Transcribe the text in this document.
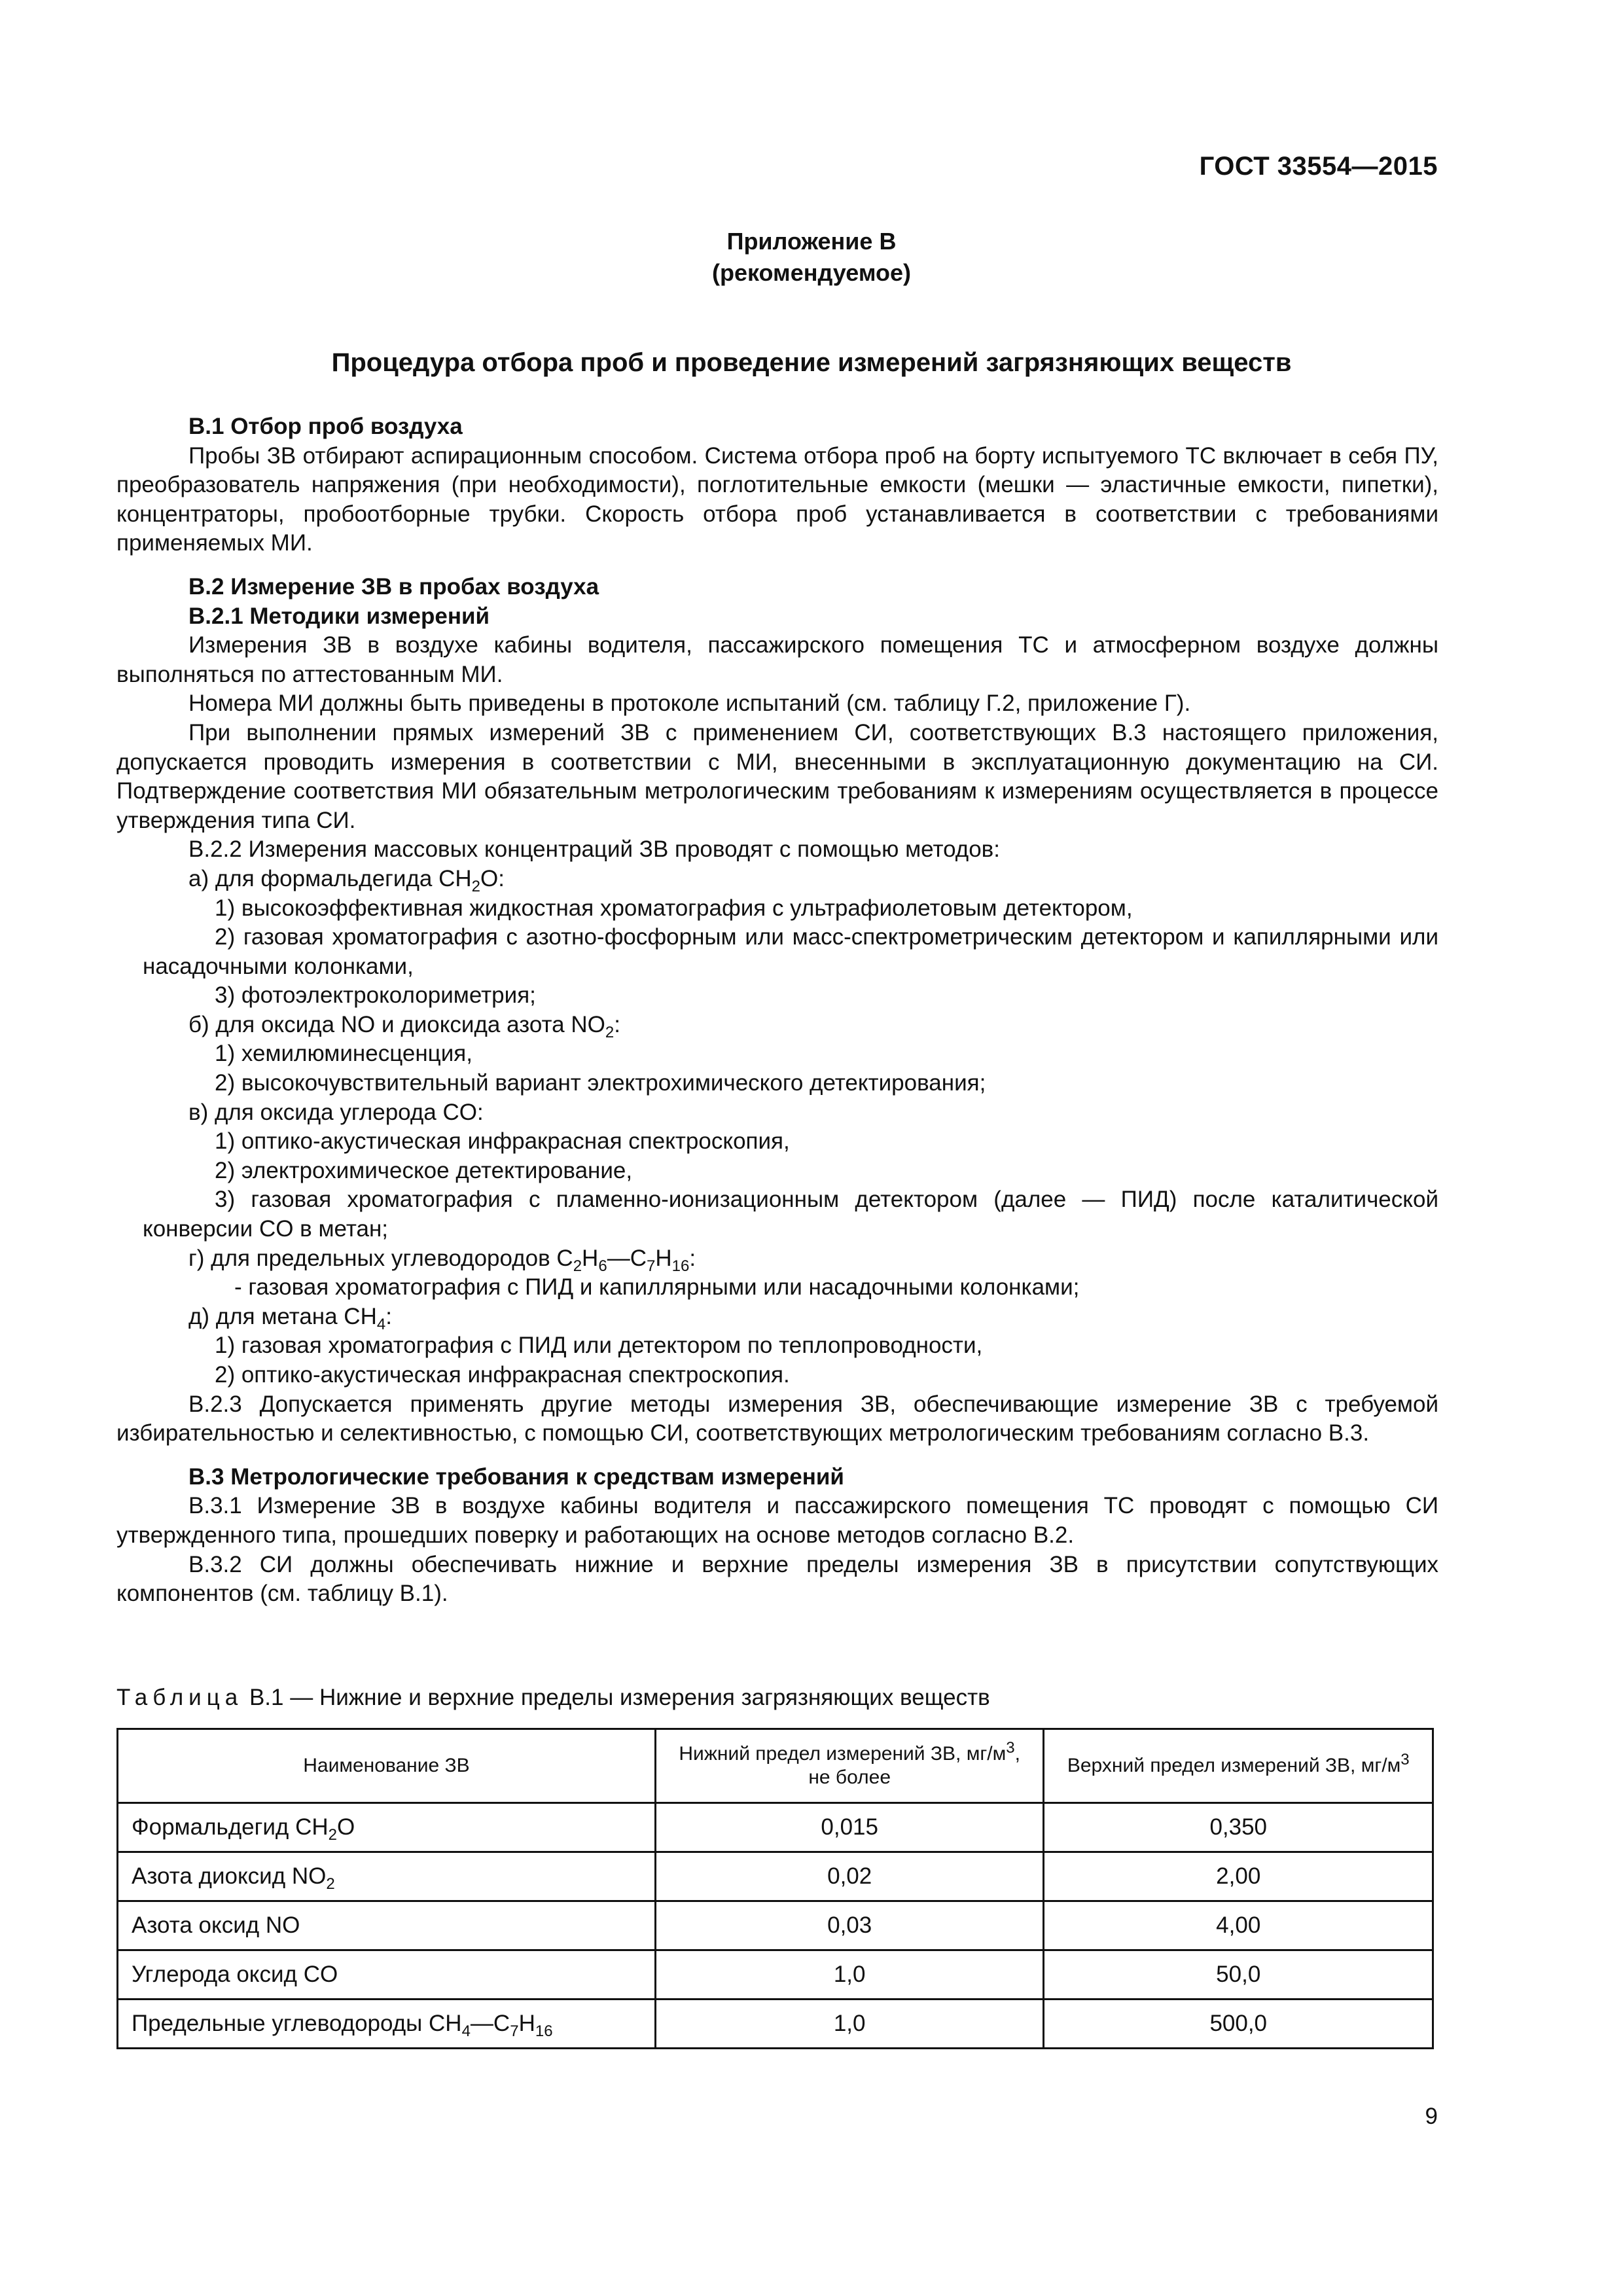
ГОСТ 33554—2015
Приложение В
(рекомендуемое)
Процедура отбора проб и проведение измерений загрязняющих веществ

В.1 Отбор проб воздуха

Пробы ЗВ отбирают аспирационным способом. Система отбора проб на борту испытуемого ТС включает в себя ПУ, преобразователь напряжения (при необходимости), поглотительные емкости (мешки — эластичные емкости, пипетки), концентраторы, пробоотборные трубки. Скорость отбора проб устанавливается в соответствии с требованиями применяемых МИ.

В.2 Измерение ЗВ в пробах воздуха

В.2.1 Методики измерений

Измерения ЗВ в воздухе кабины водителя, пассажирского помещения ТС и атмосферном воздухе должны выполняться по аттестованным МИ.

Номера МИ должны быть приведены в протоколе испытаний (см. таблицу Г.2, приложение Г).

При выполнении прямых измерений ЗВ с применением СИ, соответствующих В.3 настоящего приложения, допускается проводить измерения в соответствии с МИ, внесенными в эксплуатационную документацию на СИ. Подтверждение соответствия МИ обязательным метрологическим требованиям к измерениям осуществляется в процессе утверждения типа СИ.

В.2.2 Измерения массовых концентраций ЗВ проводят с помощью методов:

а) для формальдегида $CH_2O$:

1) высокоэффективная жидкостная хроматография с ультрафиолетовым детектором,

2) газовая хроматография с азотно-фосфорным или масс-спектрометрическим детектором и капиллярными или насадочными колонками,

3) фотоэлектроколориметрия;

б) для оксида NO и диоксида азота $NO_2$:

1) хемилюминесценция,

2) высокочувствительный вариант электрохимического детектирования;

в) для оксида углерода CO:

1) оптико-акустическая инфракрасная спектроскопия,

2) электрохимическое детектирование,

3) газовая хроматография с пламенно-ионизационным детектором (далее — ПИД) после каталитической конверсии CO в метан;

г) для предельных углеводородов $C_2H_6—C_7H_{16}$:

- газовая хроматография с ПИД и капиллярными или насадочными колонками;

д) для метана $CH_4$:

1) газовая хроматография с ПИД или детектором по теплопроводности,

2) оптико-акустическая инфракрасная спектроскопия.

В.2.3 Допускается применять другие методы измерения ЗВ, обеспечивающие измерение ЗВ с требуемой избирательностью и селективностью, с помощью СИ, соответствующих метрологическим требованиям согласно В.3.

В.3 Метрологические требования к средствам измерений

В.3.1 Измерение ЗВ в воздухе кабины водителя и пассажирского помещения ТС проводят с помощью СИ утвержденного типа, прошедших поверку и работающих на основе методов согласно В.2.

В.3.2 СИ должны обеспечивать нижние и верхние пределы измерения ЗВ в присутствии сопутствующих компонентов (см. таблицу В.1).

Таблица В.1 — Нижние и верхние пределы измерения загрязняющих веществ
Наименование ЗВ	Нижний предел измерений ЗВ, $мг/м^3$, не более	Верхний предел измерений ЗВ, $мг/м^3$
Формальдегид $CH_2O$	0,015	0,350
Азота диоксид $NO_2$	0,02	2,00
Азота оксид NO	0,03	4,00
Углерода оксид CO	1,0	50,0
Предельные углеводороды $CH_4—C_7H_{16}$	1,0	500,0
9
